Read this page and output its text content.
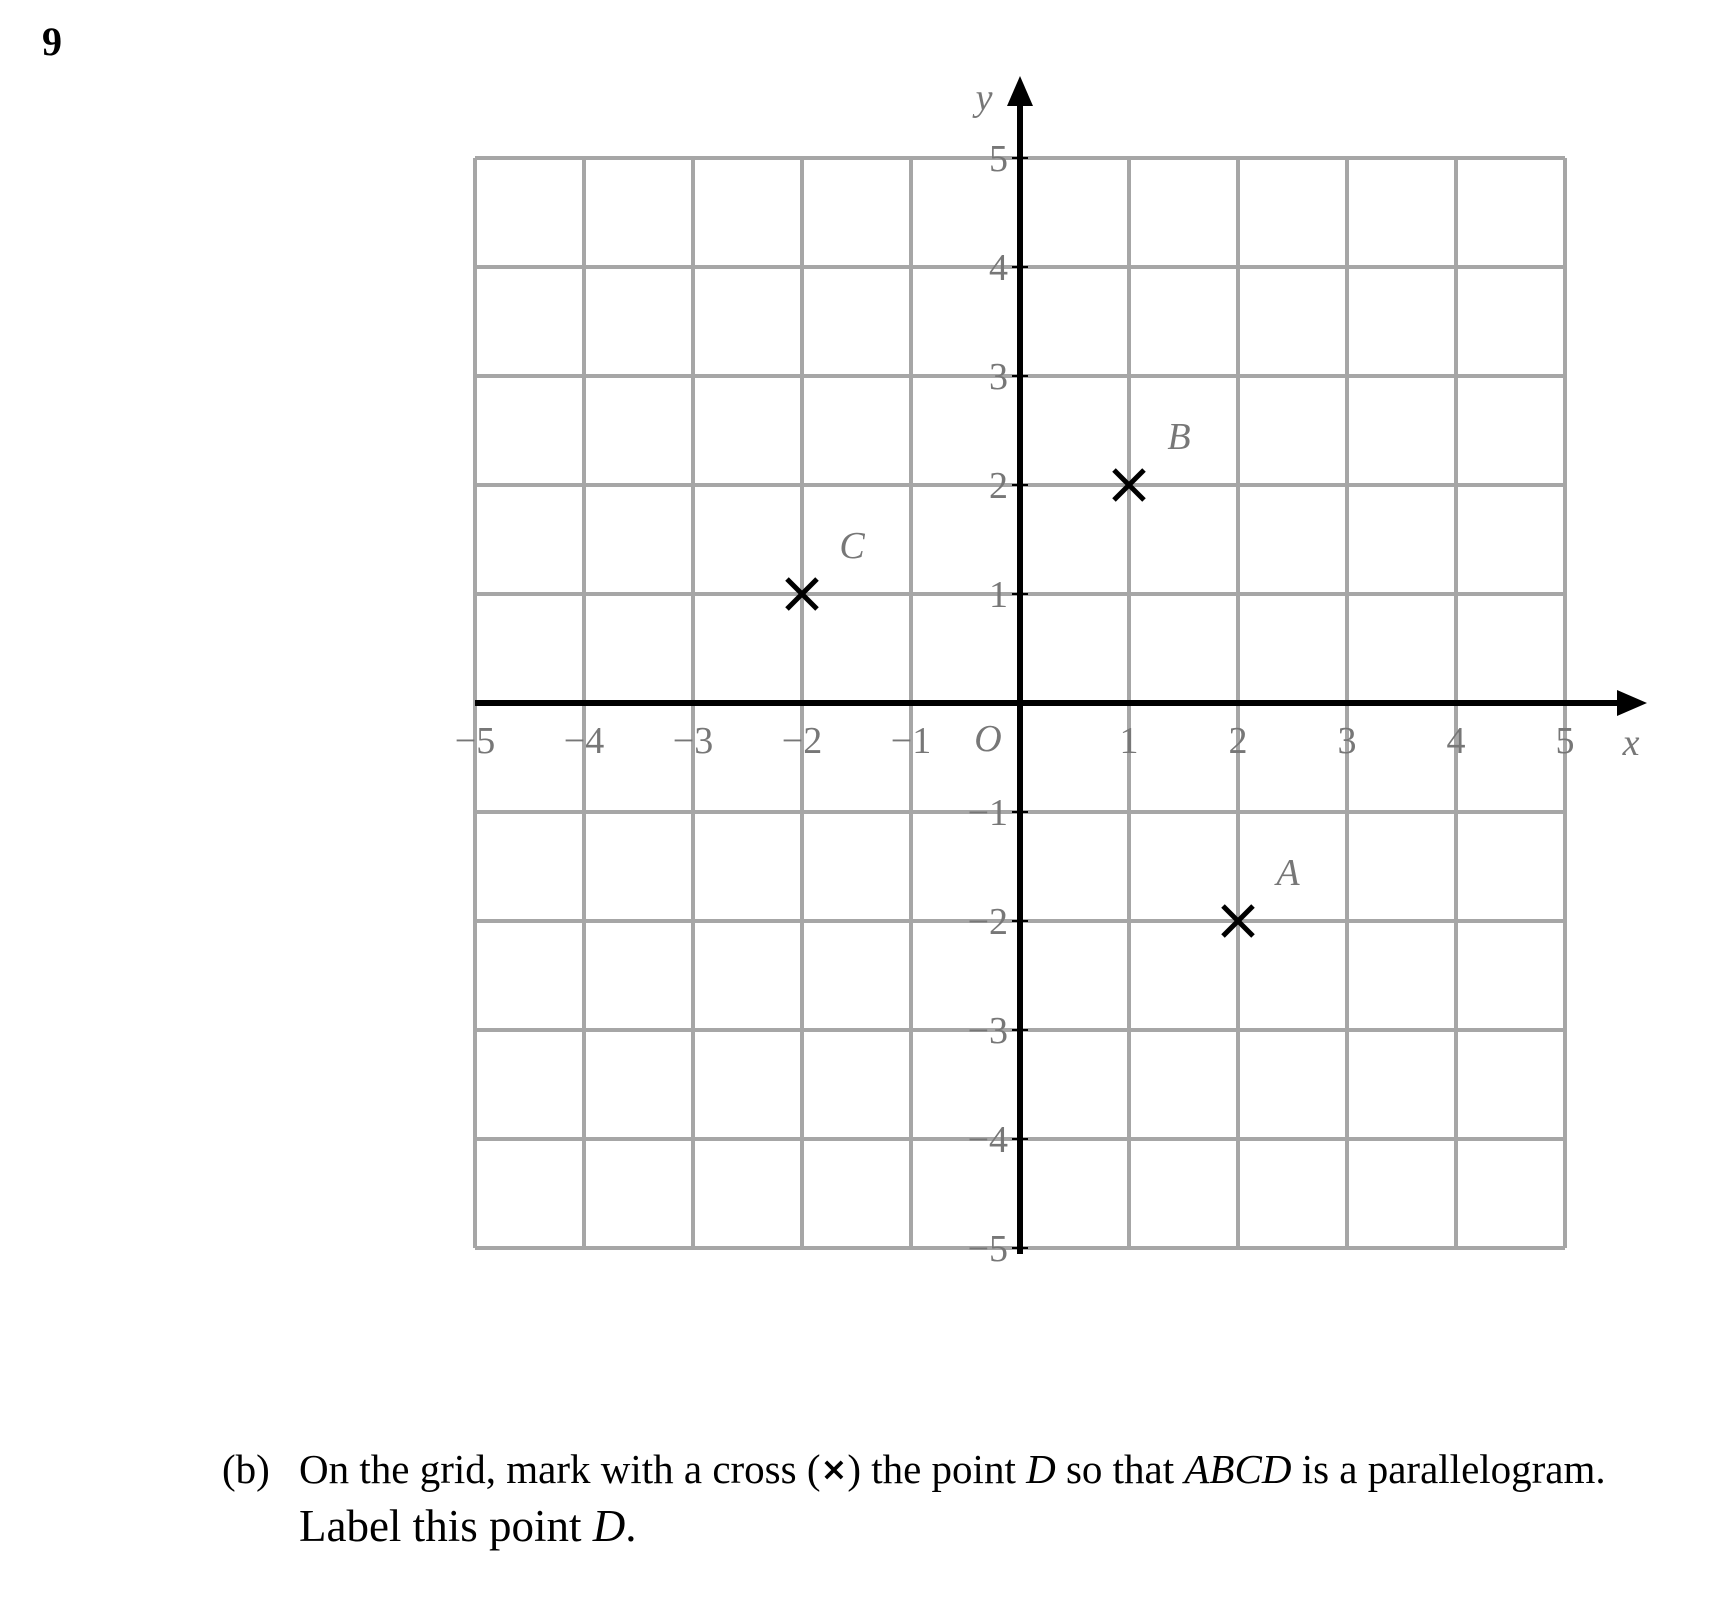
9
−5 −4 −3 −2 −1	1 2 3 4 5
5
4
3
2
1
−1
−2
−3
−4
−5
O	x
y
A
B
C
(b) On the grid, mark with a cross (×) the point D so that ABCD is a parallelogram.
Label this point D.
